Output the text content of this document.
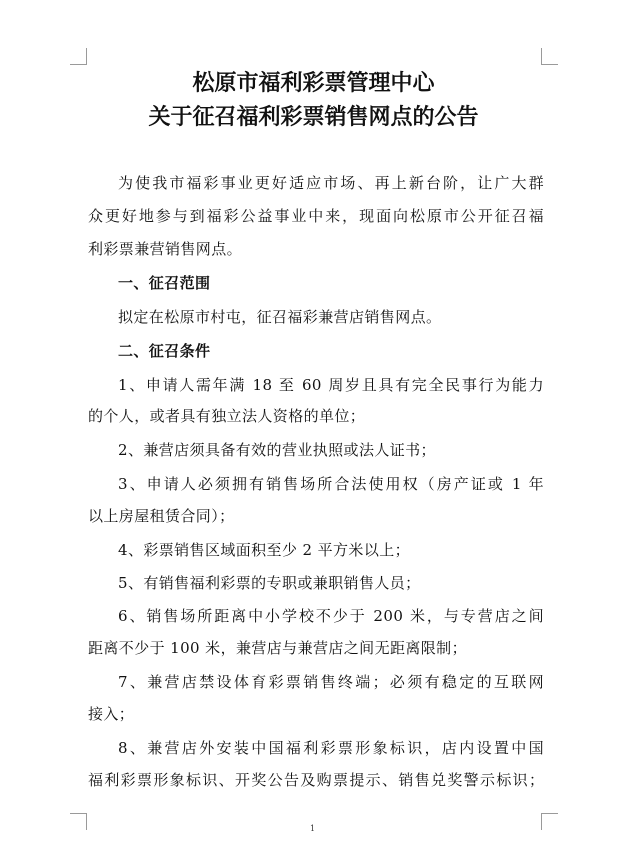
松原市福利彩票管理中心
关于征召福利彩票销售网点的公告
为使我市福彩事业更好适应市场、再上新台阶，让广大群
众更好地参与到福彩公益事业中来，现面向松原市公开征召福
利彩票兼营销售网点。
一、征召范围
拟定在松原市村屯，征召福彩兼营店销售网点。
二、征召条件
1、申请人需年满 18 至 60 周岁且具有完全民事行为能力
的个人，或者具有独立法人资格的单位；
2、兼营店须具备有效的营业执照或法人证书；
3、申请人必须拥有销售场所合法使用权（房产证或 1 年
以上房屋租赁合同）；
4、彩票销售区域面积至少 2 平方米以上；
5、有销售福利彩票的专职或兼职销售人员；
6、销售场所距离中小学校不少于 200 米，与专营店之间
距离不少于 100 米，兼营店与兼营店之间无距离限制；
7、兼营店禁设体育彩票销售终端；必须有稳定的互联网
接入；
8、兼营店外安装中国福利彩票形象标识，店内设置中国
福利彩票形象标识、开奖公告及购票提示、销售兑奖警示标识；
1
